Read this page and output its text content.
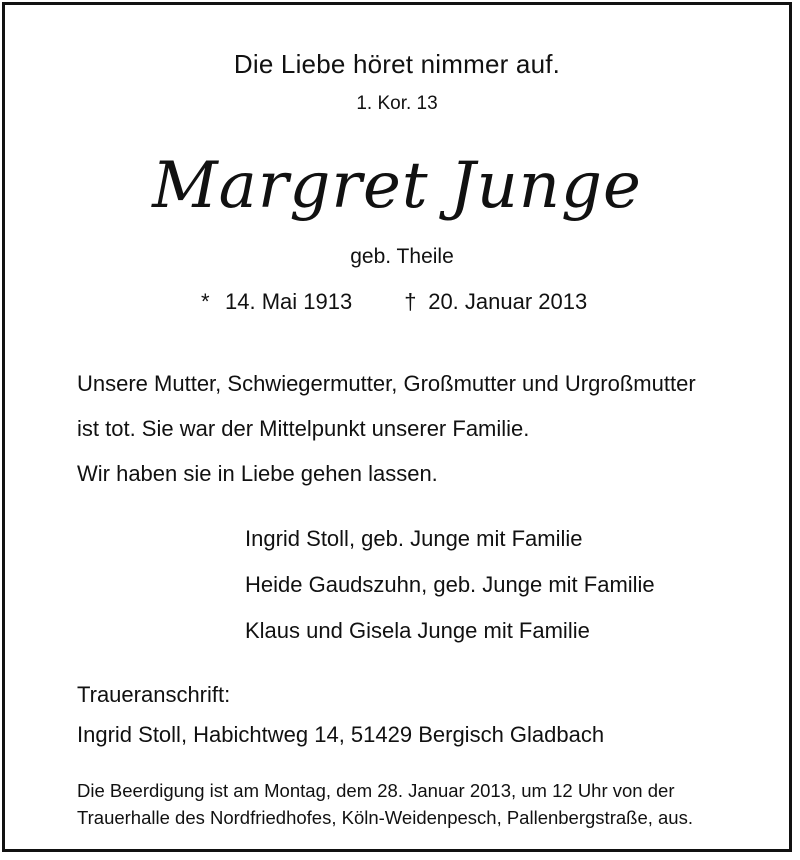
Die Liebe höret nimmer auf.
1. Kor. 13
Margret Junge
geb. Theile
* 14. Mai 1913 † 20. Januar 2013
Unsere Mutter, Schwiegermutter, Großmutter und Urgroßmutter
ist tot. Sie war der Mittelpunkt unserer Familie.
Wir haben sie in Liebe gehen lassen.
Ingrid Stoll, geb. Junge mit Familie
Heide Gaudszuhn, geb. Junge mit Familie
Klaus und Gisela Junge mit Familie
Traueranschrift:
Ingrid Stoll, Habichtweg 14, 51429 Bergisch Gladbach
Die Beerdigung ist am Montag, dem 28. Januar 2013, um 12 Uhr von der
Trauerhalle des Nordfriedhofes, Köln-Weidenpesch, Pallenbergstraße, aus.
